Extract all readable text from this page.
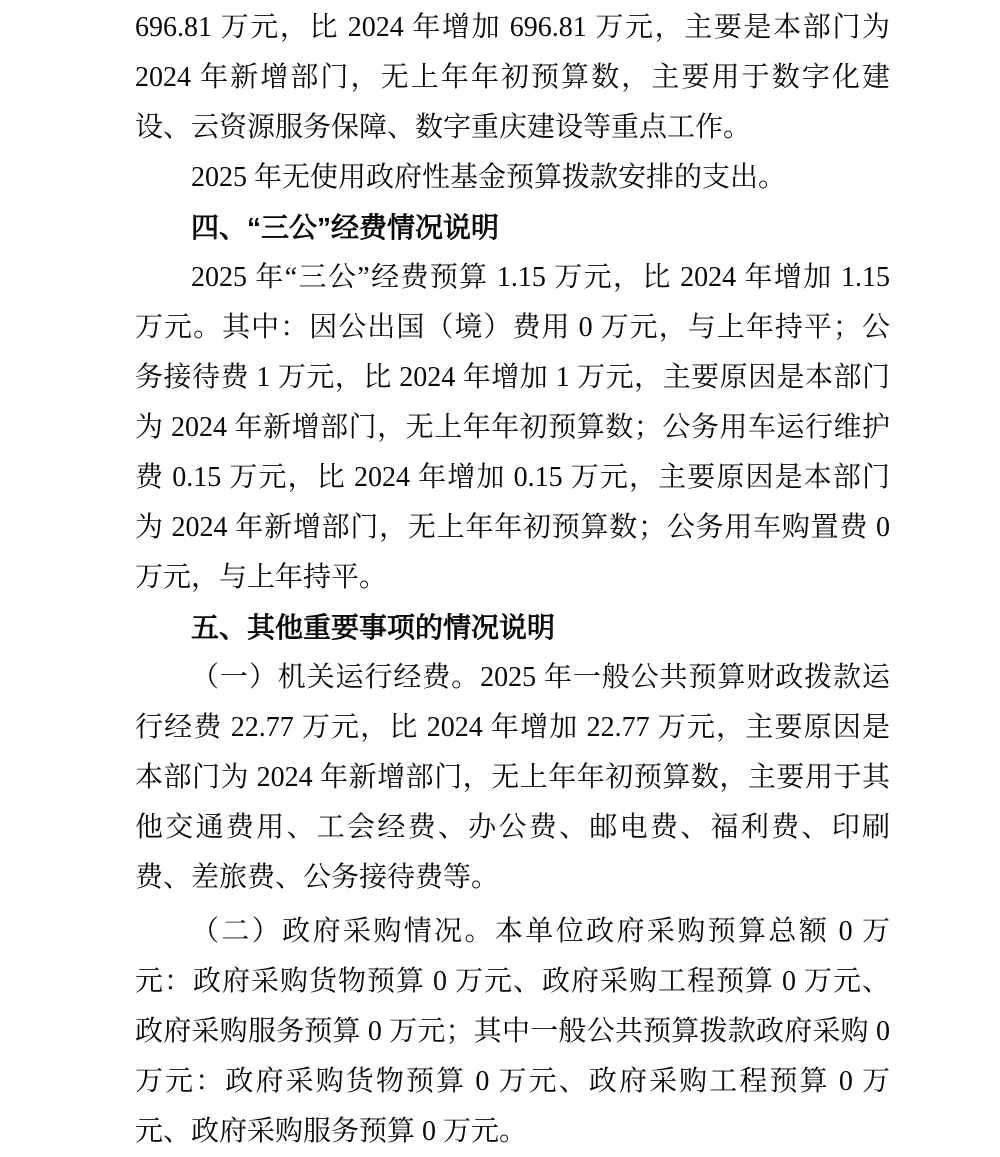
696.81 万元，比 2024 年增加 696.81 万元，主要是本部门为 2024 年新增部门，无上年年初预算数，主要用于数字化建设、云资源服务保障、数字重庆建设等重点工作。

2025 年无使用政府性基金预算拨款安排的支出。

四、“三公”经费情况说明

2025 年“三公”经费预算 1.15 万元，比 2024 年增加 1.15 万元。其中：因公出国（境）费用 0 万元，与上年持平；公务接待费 1 万元，比 2024 年增加 1 万元，主要原因是本部门为 2024 年新增部门，无上年年初预算数；公务用车运行维护费 0.15 万元，比 2024 年增加 0.15 万元，主要原因是本部门为 2024 年新增部门，无上年年初预算数；公务用车购置费 0 万元，与上年持平。

五、其他重要事项的情况说明

（一）机关运行经费。2025 年一般公共预算财政拨款运行经费 22.77 万元，比 2024 年增加 22.77 万元，主要原因是本部门为 2024 年新增部门，无上年年初预算数，主要用于其他交通费用、工会经费、办公费、邮电费、福利费、印刷费、差旅费、公务接待费等。

（二）政府采购情况。本单位政府采购预算总额 0 万元：政府采购货物预算 0 万元、政府采购工程预算 0 万元、政府采购服务预算 0 万元；其中一般公共预算拨款政府采购 0 万元：政府采购货物预算 0 万元、政府采购工程预算 0 万元、政府采购服务预算 0 万元。
